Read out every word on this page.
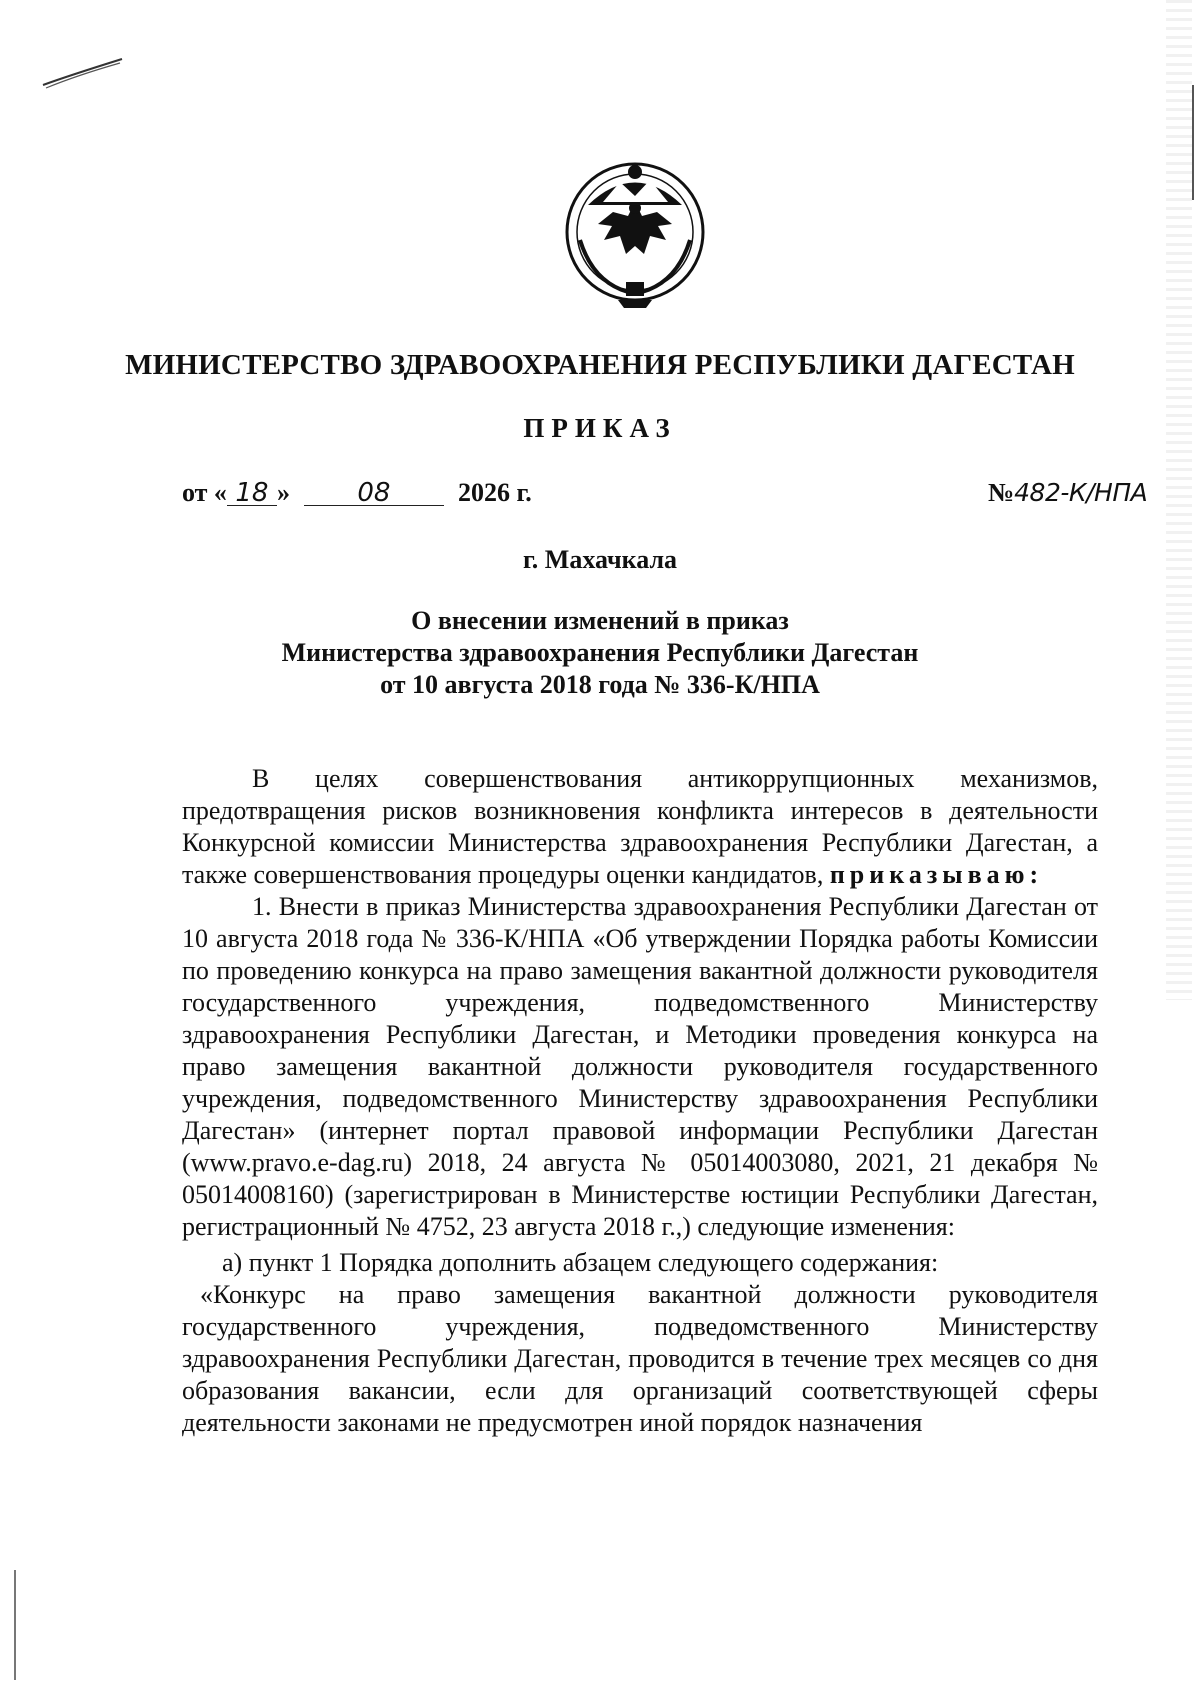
МИНИСТЕРСТВО ЗДРАВООХРАНЕНИЯ РЕСПУБЛИКИ ДАГЕСТАН
ПРИКАЗ
от « 18 »	08	2026 г.	№482-К/НПА
г. Махачкала
О внесении изменений в приказ
Министерства здравоохранения Республики Дагестан
от 10 августа 2018 года № 336-К/НПА

В целях совершенствования антикоррупционных механизмов, предотвращения рисков возникновения конфликта интересов в деятельности Конкурсной комиссии Министерства здравоохранения Республики Дагестан, а также совершенствования процедуры оценки кандидатов, приказываю:

1. Внести в приказ Министерства здравоохранения Республики Дагестан от 10 августа 2018 года № 336-К/НПА «Об утверждении Порядка работы Комиссии по проведению конкурса на право замещения вакантной должности руководителя государственного учреждения, подведомственного Министерству здравоохранения Республики Дагестан, и Методики проведения конкурса на право замещения вакантной должности руководителя государственного учреждения, подведомственного Министерству здравоохранения Республики Дагестан» (интернет портал правовой информации Республики Дагестан (www.pravo.e-dag.ru) 2018, 24 августа № 05014003080, 2021, 21 декабря № 05014008160) (зарегистрирован в Министерстве юстиции Республики Дагестан, регистрационный № 4752, 23 августа 2018 г.,) следующие изменения:

а) пункт 1 Порядка дополнить абзацем следующего содержания:

«Конкурс на право замещения вакантной должности руководителя государственного учреждения, подведомственного Министерству здравоохранения Республики Дагестан, проводится в течение трех месяцев со дня образования вакансии, если для организаций соответствующей сферы деятельности законами не предусмотрен иной порядок назначения
